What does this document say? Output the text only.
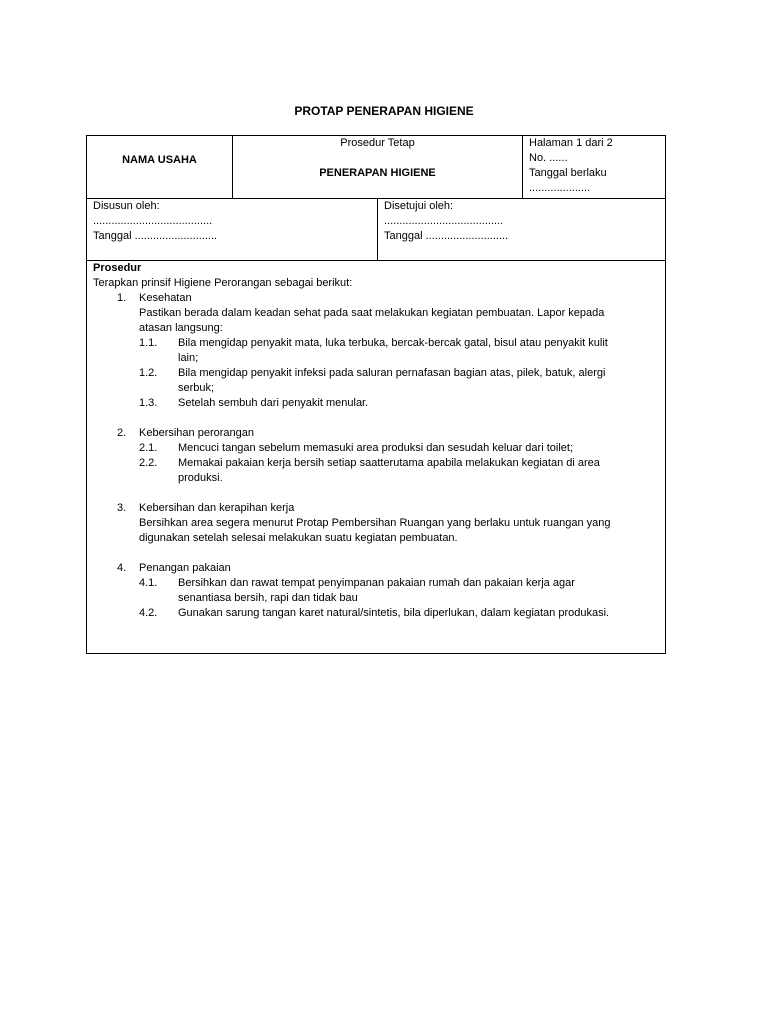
PROTAP PENERAPAN HIGIENE
NAMA USAHA
Prosedur Tetap
PENERAPAN HIGIENE
Halaman 1 dari 2
No. ......
Tanggal berlaku
....................
Disusun oleh:
.......................................
Tanggal ...........................
Disetujui oleh:
.......................................
Tanggal ...........................
Prosedur
Terapkan prinsif Higiene Perorangan sebagai berikut:
1. Kesehatan
Pastikan berada dalam keadan sehat pada saat melakukan kegiatan pembuatan. Lapor kepada
atasan langsung:
1.1. Bila mengidap penyakit mata, luka terbuka, bercak-bercak gatal, bisul atau penyakit kulit
lain;
1.2. Bila mengidap penyakit infeksi pada saluran pernafasan bagian atas, pilek, batuk, alergi
serbuk;
1.3. Setelah sembuh dari penyakit menular.
2. Kebersihan perorangan
2.1. Mencuci tangan sebelum memasuki area produksi dan sesudah keluar dari toilet;
2.2. Memakai pakaian kerja bersih setiap saatterutama apabila melakukan kegiatan di area
produksi.
3. Kebersihan dan kerapihan kerja
Bersihkan area segera menurut Protap Pembersihan Ruangan yang berlaku untuk ruangan yang
digunakan setelah selesai melakukan suatu kegiatan pembuatan.
4. Penangan pakaian
4.1. Bersihkan dan rawat tempat penyimpanan pakaian rumah dan pakaian kerja agar
senantiasa bersih, rapi dan tidak bau
4.2. Gunakan sarung tangan karet natural/sintetis, bila diperlukan, dalam kegiatan produkasi.
